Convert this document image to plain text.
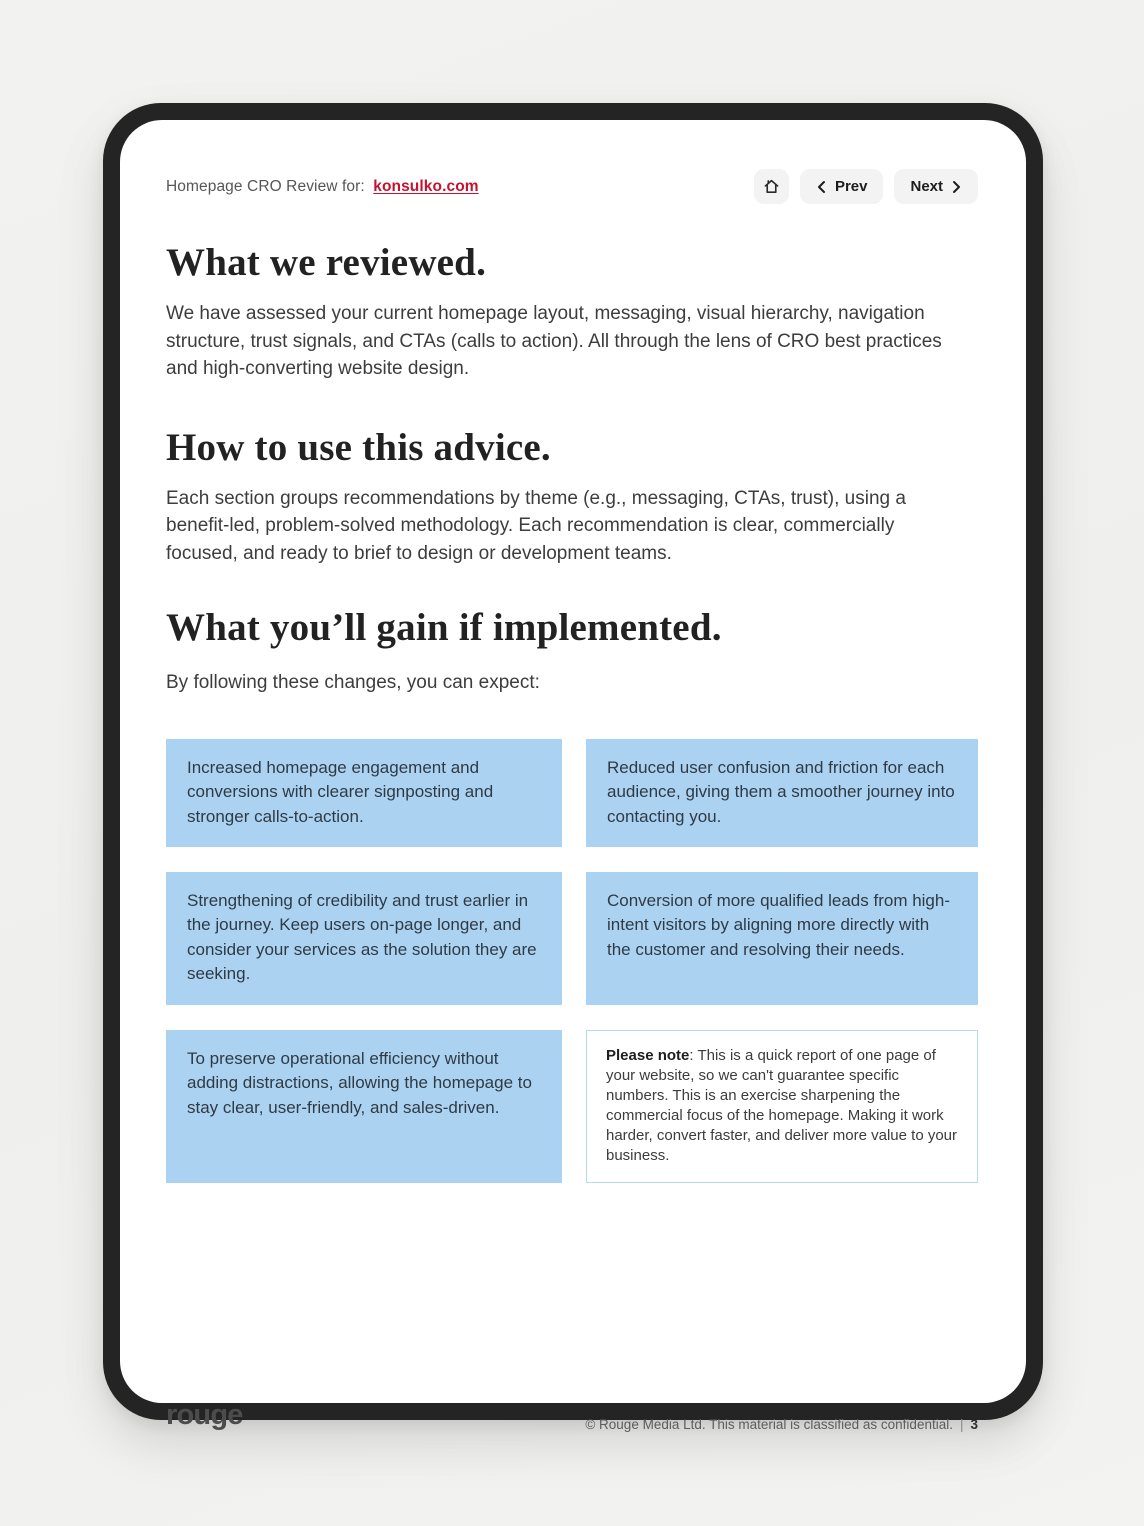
Homepage CRO Review for: konsulko.com	Prev	Next
What we reviewed.

We have assessed your current homepage layout, messaging, visual hierarchy, navigation structure, trust signals, and CTAs (calls to action). All through the lens of CRO best practices and high-converting website design.

How to use this advice.

Each section groups recommendations by theme (e.g., messaging, CTAs, trust), using a benefit-led, problem-solved methodology. Each recommendation is clear, commercially focused, and ready to brief to design or development teams.

What you’ll gain if implemented.

By following these changes, you can expect:

Increased homepage engagement and conversions with clearer signposting and stronger calls-to-action.
Reduced user confusion and friction for each audience, giving them a smoother journey into contacting you.
Strengthening of credibility and trust earlier in the journey. Keep users on-page longer, and consider your services as the solution they are seeking.
Conversion of more qualified leads from high-intent visitors by aligning more directly with the customer and resolving their needs.
To preserve operational efficiency without adding distractions, allowing the homepage to stay clear, user-friendly, and sales-driven.
Please note: This is a quick report of one page of your website, so we can't guarantee specific numbers. This is an exercise sharpening the commercial focus of the homepage. Making it work harder, convert faster, and deliver more value to your business.
rouge	© Rouge Media Ltd. This material is classified as confidential. | 3
